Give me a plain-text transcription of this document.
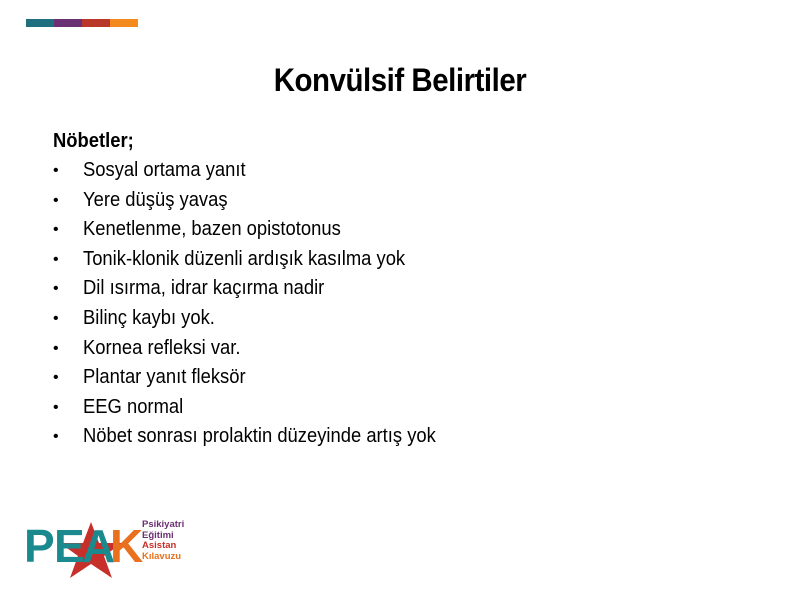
Konvülsif Belirtiler
Nöbetler;
•	Sosyal ortama yanıt
•	Yere düşüş yavaş
•	Kenetlenme, bazen opistotonus
•	Tonik-klonik düzenli ardışık kasılma yok
•	Dil ısırma, idrar kaçırma nadir
•	Bilinç kaybı yok.
•	Kornea refleksi var.
•	Plantar yanıt fleksör
•	EEG normal
•	Nöbet sonrası prolaktin düzeyinde artış yok
P E
A
K
Psikiyatri
Eğitimi
Asistan
Kılavuzu
